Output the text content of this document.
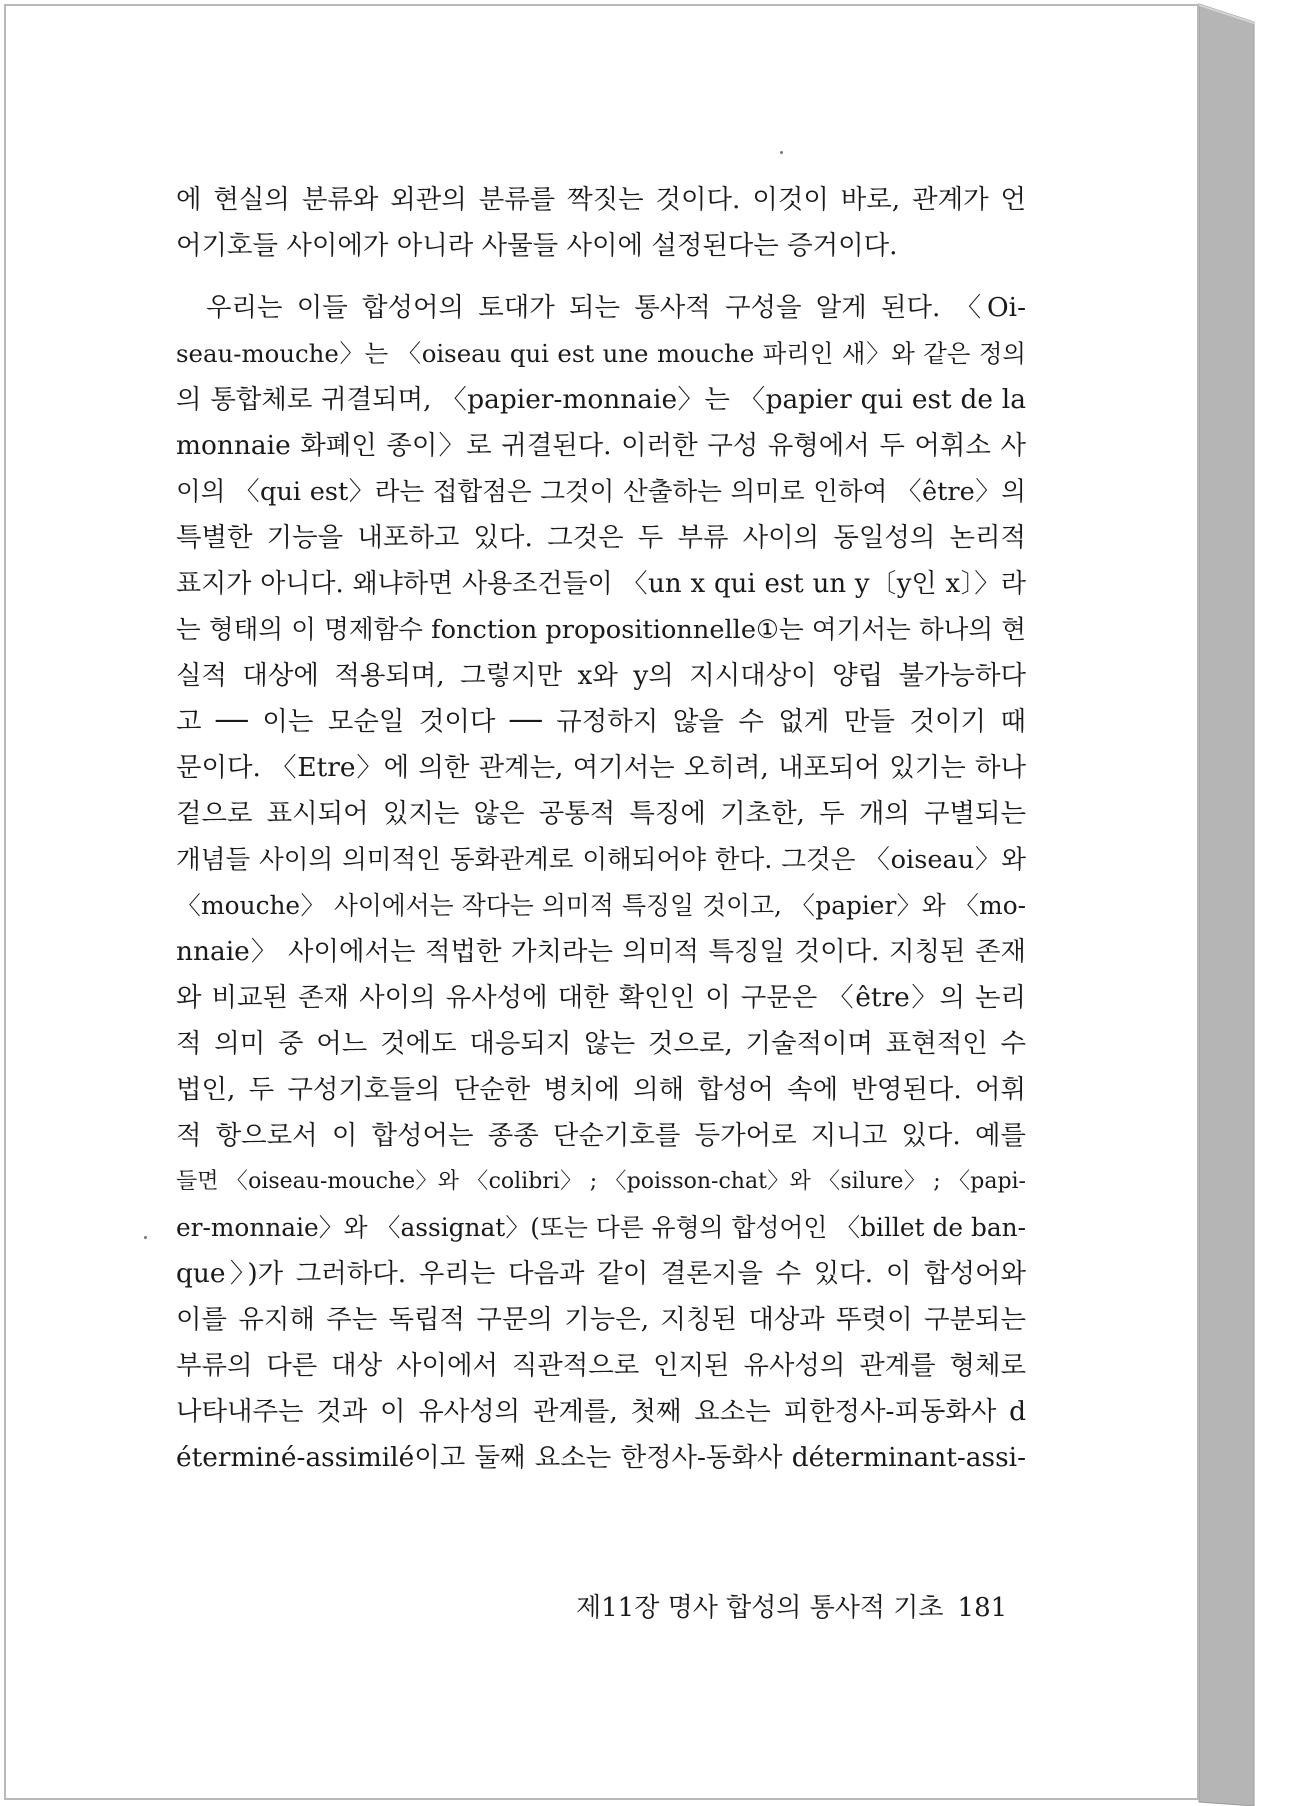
에 현실의 분류와 외관의 분류를 짝짓는 것이다. 이것이 바로, 관계가 언
어기호들 사이에가 아니라 사물들 사이에 설정된다는 증거이다.
우리는 이들 합성어의 토대가 되는 통사적 구성을 알게 된다. 〈Oi-
seau-mouche〉는 〈oiseau qui est une mouche 파리인 새〉와 같은 정의
의 통합체로 귀결되며, 〈papier-monnaie〉는 〈papier qui est de la
monnaie 화폐인 종이〉로 귀결된다. 이러한 구성 유형에서 두 어휘소 사
이의 〈qui est〉라는 접합점은 그것이 산출하는 의미로 인하여 〈être〉의
특별한 기능을 내포하고 있다. 그것은 두 부류 사이의 동일성의 논리적
표지가 아니다. 왜냐하면 사용조건들이 〈un x qui est un y〔y인 x〕〉라
는 형태의 이 명제함수 fonction propositionnelle①는 여기서는 하나의 현
실적 대상에 적용되며, 그렇지만 x와 y의 지시대상이 양립 불가능하다
고 ── 이는 모순일 것이다 ── 규정하지 않을 수 없게 만들 것이기 때
문이다. 〈Etre〉에 의한 관계는, 여기서는 오히려, 내포되어 있기는 하나
겉으로 표시되어 있지는 않은 공통적 특징에 기초한, 두 개의 구별되는
개념들 사이의 의미적인 동화관계로 이해되어야 한다. 그것은 〈oiseau〉와
〈mouche〉 사이에서는 작다는 의미적 특징일 것이고, 〈papier〉와 〈mo-
nnaie〉 사이에서는 적법한 가치라는 의미적 특징일 것이다. 지칭된 존재
와 비교된 존재 사이의 유사성에 대한 확인인 이 구문은 〈être〉의 논리
적 의미 중 어느 것에도 대응되지 않는 것으로, 기술적이며 표현적인 수
법인, 두 구성기호들의 단순한 병치에 의해 합성어 속에 반영된다. 어휘
적 항으로서 이 합성어는 종종 단순기호를 등가어로 지니고 있다. 예를
들면 〈oiseau-mouche〉와 〈colibri〉 ; 〈poisson-chat〉와 〈silure〉 ; 〈papi-
er-monnaie〉와 〈assignat〉(또는 다른 유형의 합성어인 〈billet de ban-
que〉)가 그러하다. 우리는 다음과 같이 결론지을 수 있다. 이 합성어와
이를 유지해 주는 독립적 구문의 기능은, 지칭된 대상과 뚜렷이 구분되는
부류의 다른 대상 사이에서 직관적으로 인지된 유사성의 관계를 형체로
나타내주는 것과 이 유사성의 관계를, 첫째 요소는 피한정사-피동화사 d
éterminé-assimilé이고 둘째 요소는 한정사-동화사 déterminant-assi-
제11장 명사 합성의 통사적 기초 181
